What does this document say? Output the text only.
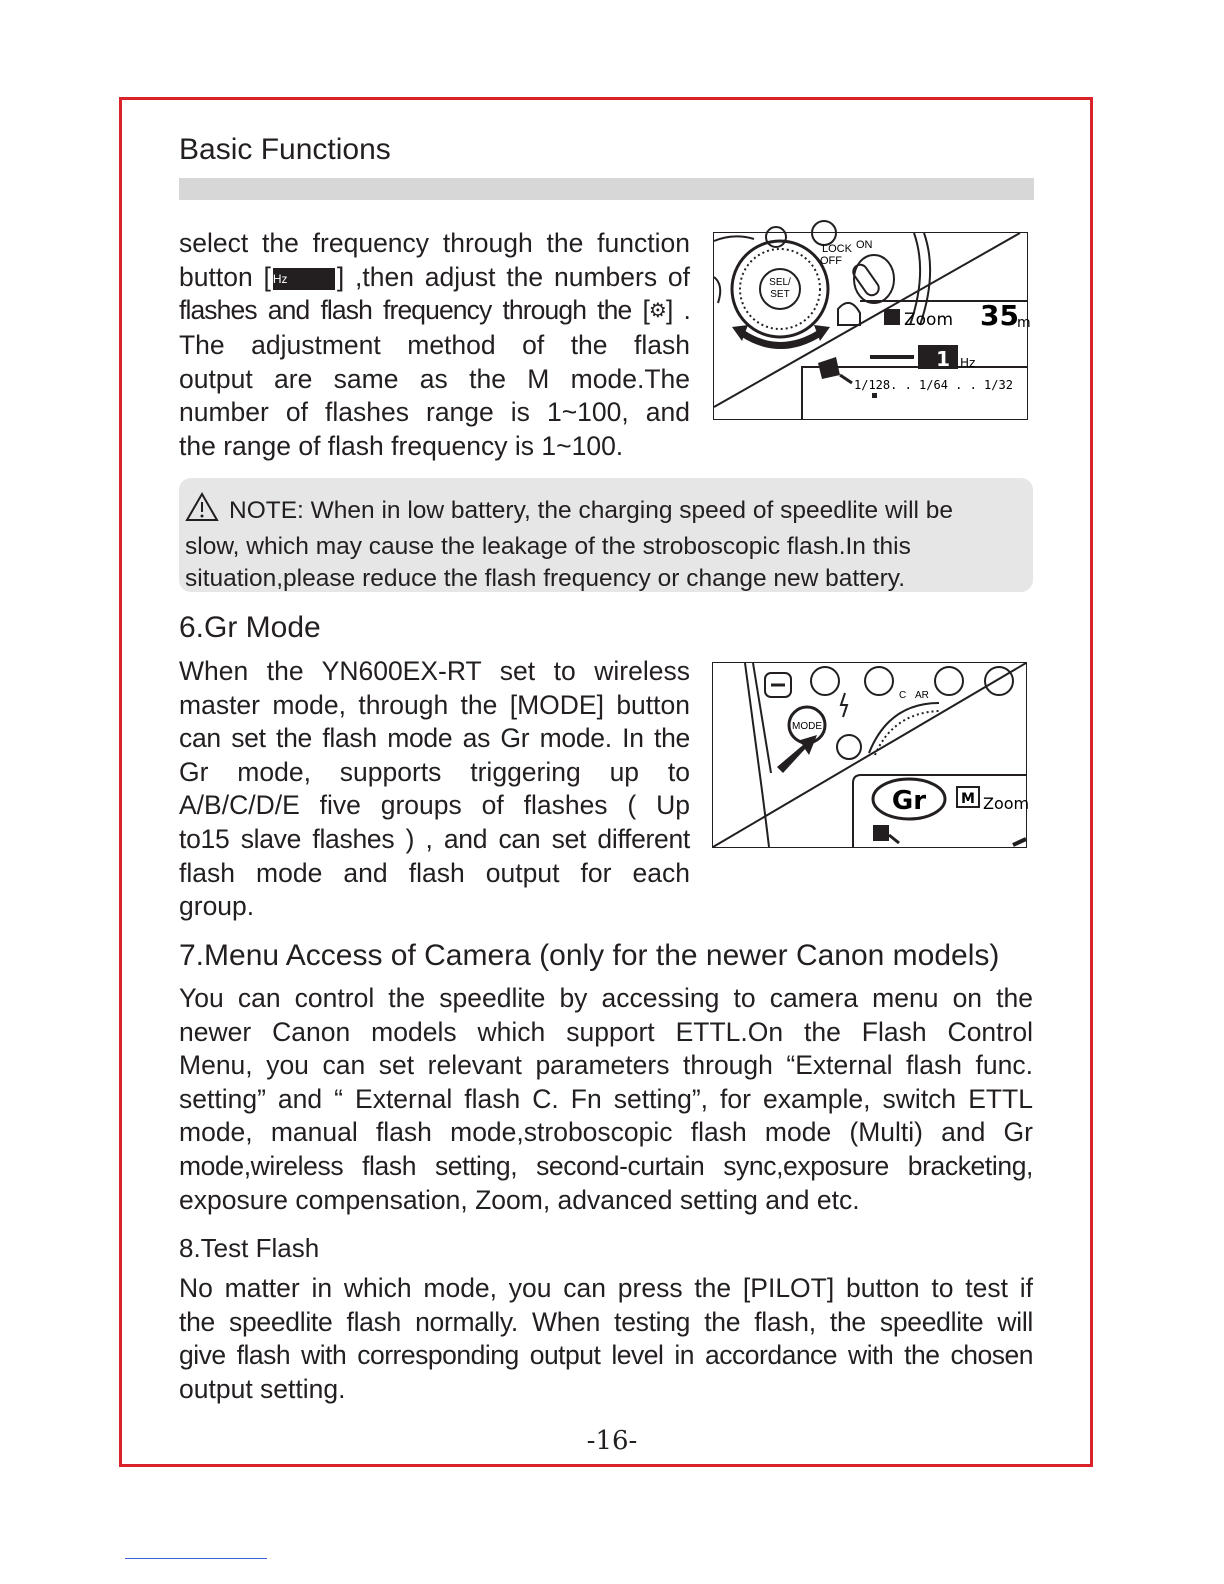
Basic Functions
select the frequency through the function
button [ Hz ] ,then adjust the numbers of
flashes and flash frequency through the [⚙] .
The adjustment method of the flash
output are same as the M mode.The
number of flashes range is 1~100, and
the range of flash frequency is 1~100.
SEL/
SET
LOCK ON
OFF
Zoom 35
m
1 Hz
1/128. . 1/64 . . 1/32
NOTE: When in low battery, the charging speed of speedlite will be
slow, which may cause the leakage of the stroboscopic flash.In this
situation,please reduce the flash frequency or change new battery.
6.Gr Mode
When the YN600EX-RT set to wireless
master mode, through the [MODE] button
can set the flash mode as Gr mode. In the
Gr mode, supports triggering up to
A/B/C/D/E five groups of flashes ( Up
to15 slave flashes ) , and can set different
flash mode and flash output for each
group.
C AR
MODE
Gr M Zoom
7.Menu Access of Camera (only for the newer Canon models)
You can control the speedlite by accessing to camera menu on the
newer Canon models which support ETTL.On the Flash Control
Menu, you can set relevant parameters through “External flash func.
setting” and “ External flash C. Fn setting”, for example, switch ETTL
mode, manual flash mode,stroboscopic flash mode (Multi) and Gr
mode,wireless flash setting, second-curtain sync,exposure bracketing,
exposure compensation, Zoom, advanced setting and etc.
8.Test Flash
No matter in which mode, you can press the [PILOT] button to test if
the speedlite flash normally. When testing the flash, the speedlite will
give flash with corresponding output level in accordance with the chosen
output setting.
-16-
